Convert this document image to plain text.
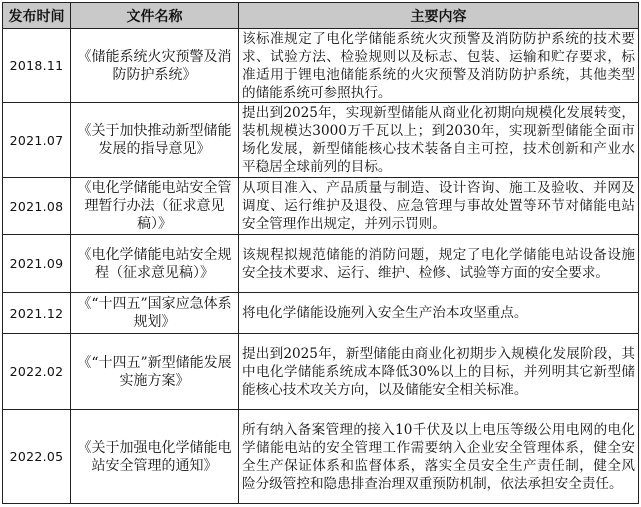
发布时间	文件名称	主要内容
2018.11	《储能系统火灾预警及消防防护系统》	该标准规定了电化学储能系统火灾预警及消防防护系统的技术要求、试验方法、检验规则以及标志、包装、运输和贮存要求，标准适用于锂电池储能系统的火灾预警及消防防护系统，其他类型的储能系统可参照执行。
2021.07	《关于加快推动新型储能发展的指导意见》	提出到2025年，实现新型储能从商业化初期向规模化发展转变，装机规模达3000万千瓦以上；到2030年，实现新型储能全面市场化发展，新型储能核心技术装备自主可控，技术创新和产业水平稳居全球前列的目标。
2021.08	《电化学储能电站安全管理暂行办法（征求意见稿）》	从项目准入、产品质量与制造、设计咨询、施工及验收、并网及调度、运行维护及退役、应急管理与事故处置等环节对储能电站安全管理作出规定，并列示罚则。
2021.09	《电化学储能电站安全规程（征求意见稿）》	该规程拟规范储能的消防问题，规定了电化学储能电站设备设施安全技术要求、运行、维护、检修、试验等方面的安全要求。
2021.12	《“十四五”国家应急体系规划》	将电化学储能设施列入安全生产治本攻坚重点。
2022.02	《“十四五”新型储能发展实施方案》	提出到2025年，新型储能由商业化初期步入规模化发展阶段，其中电化学储能系统成本降低30%以上的目标，并列明其它新型储能核心技术攻关方向，以及储能安全相关标准。
2022.05	《关于加强电化学储能电站安全管理的通知》	所有纳入备案管理的接入10千伏及以上电压等级公用电网的电化学储能电站的安全管理工作需要纳入企业安全管理体系，健全安全生产保证体系和监督体系，落实全员安全生产责任制，健全风险分级管控和隐患排查治理双重预防机制，依法承担安全责任。
